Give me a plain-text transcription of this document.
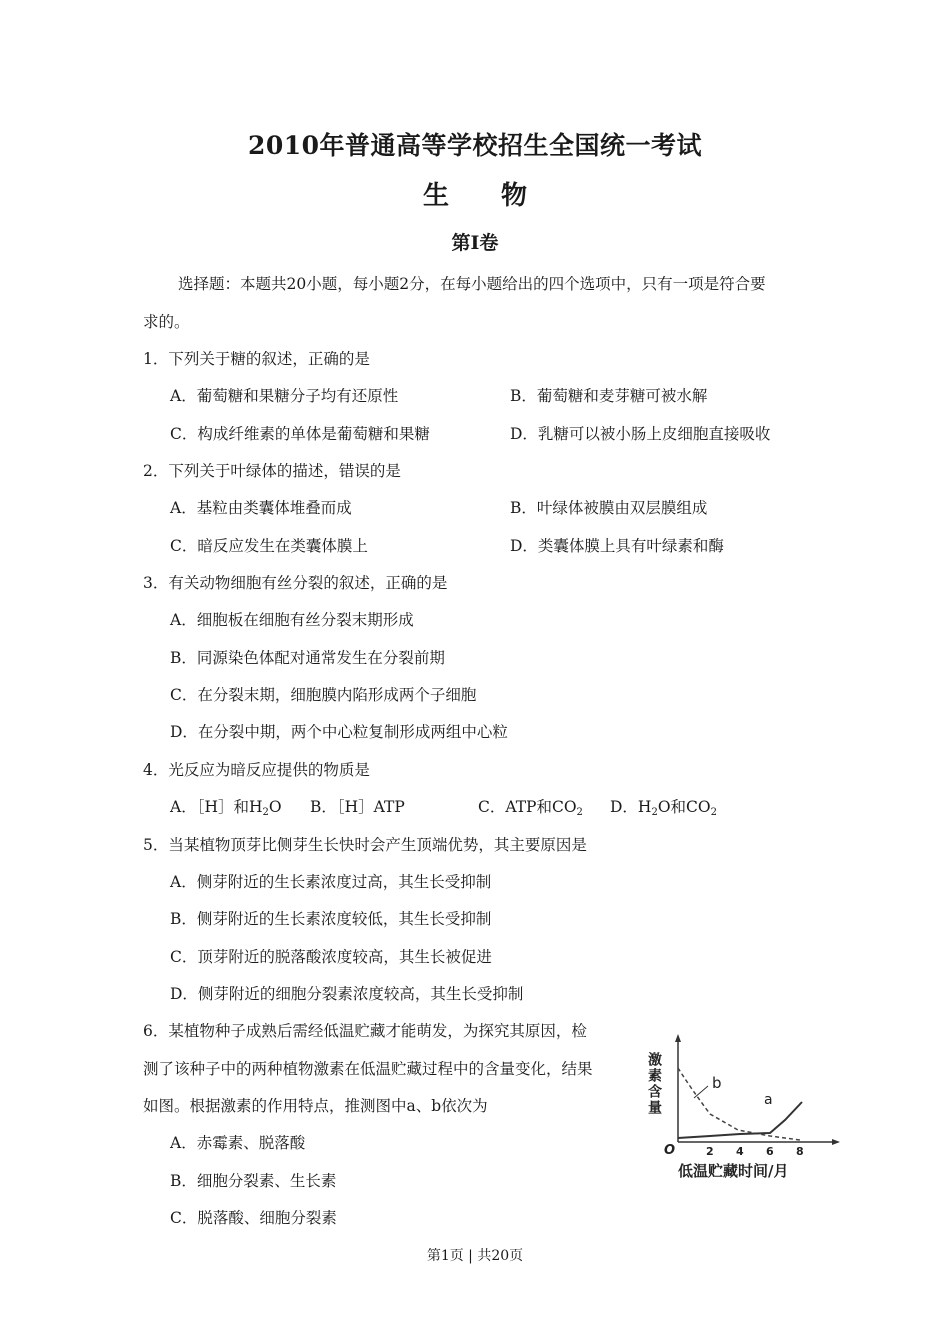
2010年普通高等学校招生全国统一考试
生　　物
第Ⅰ卷
选择题：本题共20小题，每小题2分，在每小题给出的四个选项中，只有一项是符合要
求的。
1．下列关于糖的叙述，正确的是
A．葡萄糖和果糖分子均有还原性	B．葡萄糖和麦芽糖可被水解
C．构成纤维素的单体是葡萄糖和果糖	D．乳糖可以被小肠上皮细胞直接吸收
2．下列关于叶绿体的描述，错误的是
A．基粒由类囊体堆叠而成	B．叶绿体被膜由双层膜组成
C．暗反应发生在类囊体膜上	D．类囊体膜上具有叶绿素和酶
3．有关动物细胞有丝分裂的叙述，正确的是
A．细胞板在细胞有丝分裂末期形成
B．同源染色体配对通常发生在分裂前期
C．在分裂末期，细胞膜内陷形成两个子细胞
D．在分裂中期，两个中心粒复制形成两组中心粒
4．光反应为暗反应提供的物质是
A．［H］和$H_2O$ B．［H］ATP	C．ATP和$CO_2$ D．$H_2O$和$CO_2$
5．当某植物顶芽比侧芽生长快时会产生顶端优势，其主要原因是
A．侧芽附近的生长素浓度过高，其生长受抑制
B．侧芽附近的生长素浓度较低，其生长受抑制
C．顶芽附近的脱落酸浓度较高，其生长被促进
D．侧芽附近的细胞分裂素浓度较高，其生长受抑制
6．某植物种子成熟后需经低温贮藏才能萌发，为探究其原因，检
测了该种子中的两种植物激素在低温贮藏过程中的含量变化，结果
如图。根据激素的作用特点，推测图中a、b依次为
A．赤霉素、脱落酸
B．细胞分裂素、生长素
C．脱落酸、细胞分裂素
激素含量
O	2 4 6 8
b
a
低温贮藏时间/月
第1页 | 共20页
